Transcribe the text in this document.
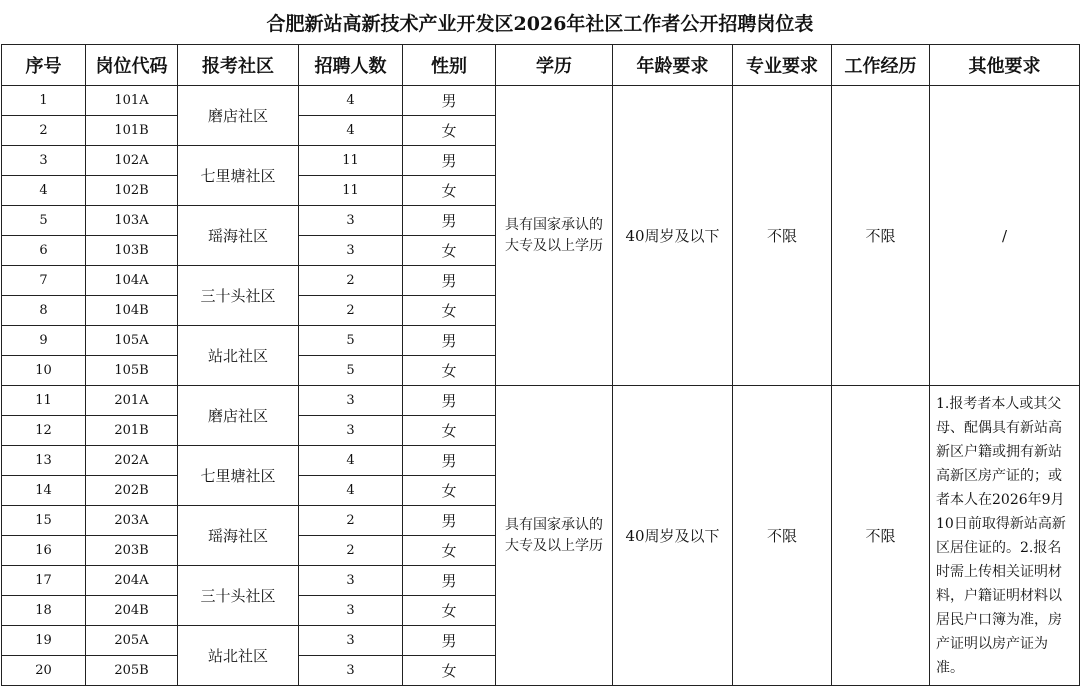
合肥新站高新技术产业开发区2026年社区工作者公开招聘岗位表
序号	岗位代码	报考社区	招聘人数	性别	学历	年龄要求	专业要求	工作经历	其他要求
1	101A	磨店社区	4	男	具有国家承认的大专及以上学历	40周岁及以下	不限	不限	/
2	101B		4	女					
3	102A	七里塘社区	11	男					
4	102B		11	女					
5	103A	瑶海社区	3	男					
6	103B		3	女					
7	104A	三十头社区	2	男					
8	104B		2	女					
9	105A	站北社区	5	男					
10	105B		5	女					
11	201A	磨店社区	3	男	具有国家承认的大专及以上学历	40周岁及以下	不限	不限	1.报考者本人或其父母、配偶具有新站高新区户籍或拥有新站高新区房产证的；或者本人在2026年9月10日前取得新站高新区居住证的。2.报名时需上传相关证明材料，户籍证明材料以居民户口簿为准，房产证明以房产证为准。
12	201B		3	女					
13	202A	七里塘社区	4	男					
14	202B		4	女					
15	203A	瑶海社区	2	男					
16	203B		2	女					
17	204A	三十头社区	3	男					
18	204B		3	女					
19	205A	站北社区	3	男					
20	205B		3	女					
